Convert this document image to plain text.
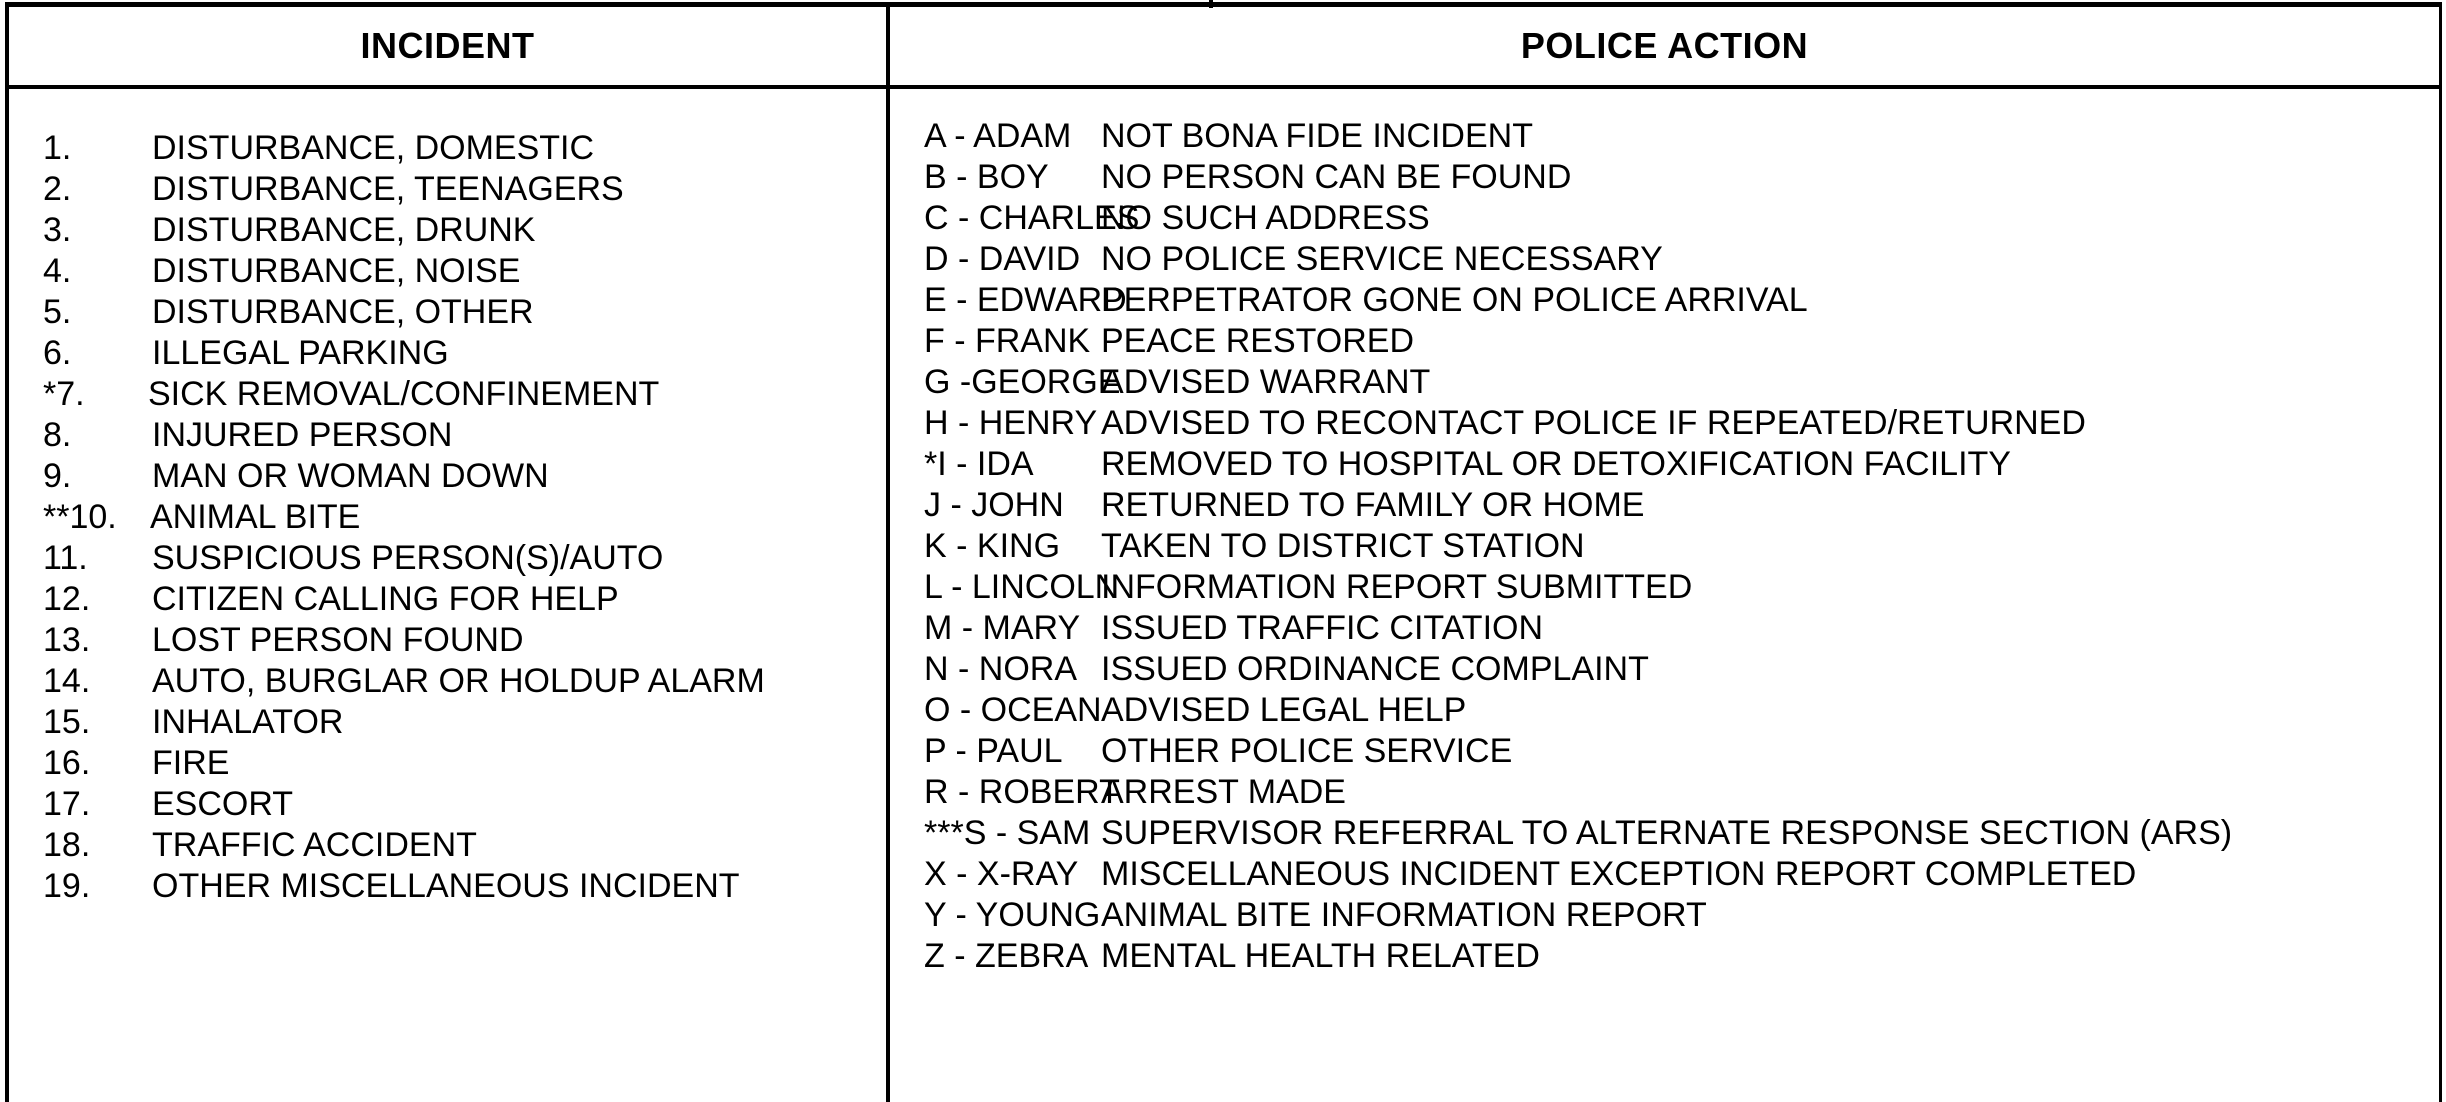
INCIDENT
1. DISTURBANCE, DOMESTIC
2. DISTURBANCE, TEENAGERS
3. DISTURBANCE, DRUNK
4. DISTURBANCE, NOISE
5. DISTURBANCE, OTHER
6. ILLEGAL PARKING
*7. SICK REMOVAL/CONFINEMENT
8. INJURED PERSON
9. MAN OR WOMAN DOWN
**10. ANIMAL BITE
11. SUSPICIOUS PERSON(S)/AUTO
12. CITIZEN CALLING FOR HELP
13. LOST PERSON FOUND
14. AUTO, BURGLAR OR HOLDUP ALARM
15. INHALATOR
16. FIRE
17. ESCORT
18. TRAFFIC ACCIDENT
19. OTHER MISCELLANEOUS INCIDENT
POLICE ACTION
A - ADAM NOT BONA FIDE INCIDENT
B - BOY NO PERSON CAN BE FOUND
C - CHARLES
NO SUCH ADDRESS
D - DAVID NO POLICE SERVICE NECESSARY
E - EDWARD
PERPETRATOR GONE ON POLICE ARRIVAL
F - FRANK PEACE RESTORED
G -GEORGE
ADVISED WARRANT
H - HENRY ADVISED TO RECONTACT POLICE IF REPEATED/RETURNED
*I - IDA REMOVED TO HOSPITAL OR DETOXIFICATION FACILITY
J - JOHN RETURNED TO FAMILY OR HOME
K - KING TAKEN TO DISTRICT STATION
L - LINCOLN
INFORMATION REPORT SUBMITTED
M - MARY ISSUED TRAFFIC CITATION
N - NORA ISSUED ORDINANCE COMPLAINT
O - OCEAN ADVISED LEGAL HELP
P - PAUL OTHER POLICE SERVICE
R - ROBERT
ARREST MADE
***S - SAM SUPERVISOR REFERRAL TO ALTERNATE RESPONSE SECTION (ARS)
X - X-RAY MISCELLANEOUS INCIDENT EXCEPTION REPORT COMPLETED
Y - YOUNG ANIMAL BITE INFORMATION REPORT
Z - ZEBRA MENTAL HEALTH RELATED
